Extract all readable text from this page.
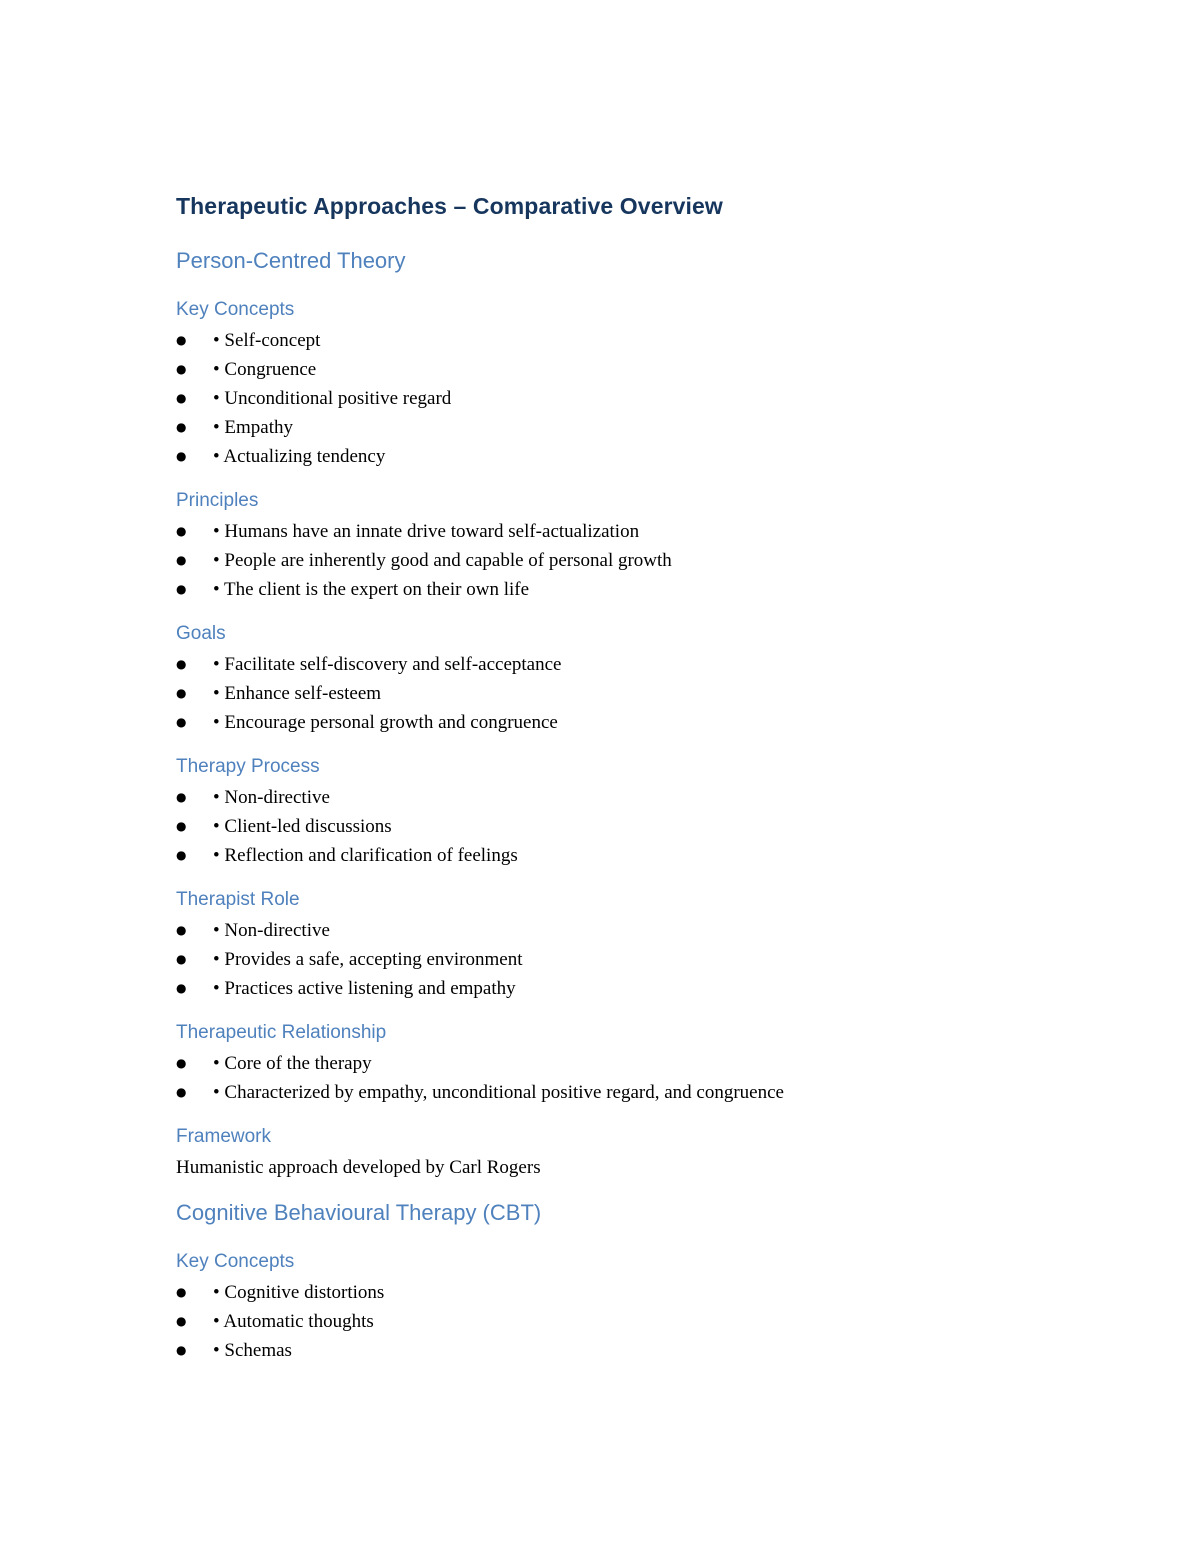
Therapeutic Approaches – Comparative Overview
Person-Centred Theory
Key Concepts
● • Self-concept
● • Congruence
● • Unconditional positive regard
● • Empathy
● • Actualizing tendency
Principles
● • Humans have an innate drive toward self-actualization
● • People are inherently good and capable of personal growth
● • The client is the expert on their own life
Goals
● • Facilitate self-discovery and self-acceptance
● • Enhance self-esteem
● • Encourage personal growth and congruence
Therapy Process
● • Non-directive
● • Client-led discussions
● • Reflection and clarification of feelings
Therapist Role
● • Non-directive
● • Provides a safe, accepting environment
● • Practices active listening and empathy
Therapeutic Relationship
● • Core of the therapy
● • Characterized by empathy, unconditional positive regard, and congruence
Framework

Humanistic approach developed by Carl Rogers

Cognitive Behavioural Therapy (CBT)
Key Concepts
● • Cognitive distortions
● • Automatic thoughts
● • Schemas
